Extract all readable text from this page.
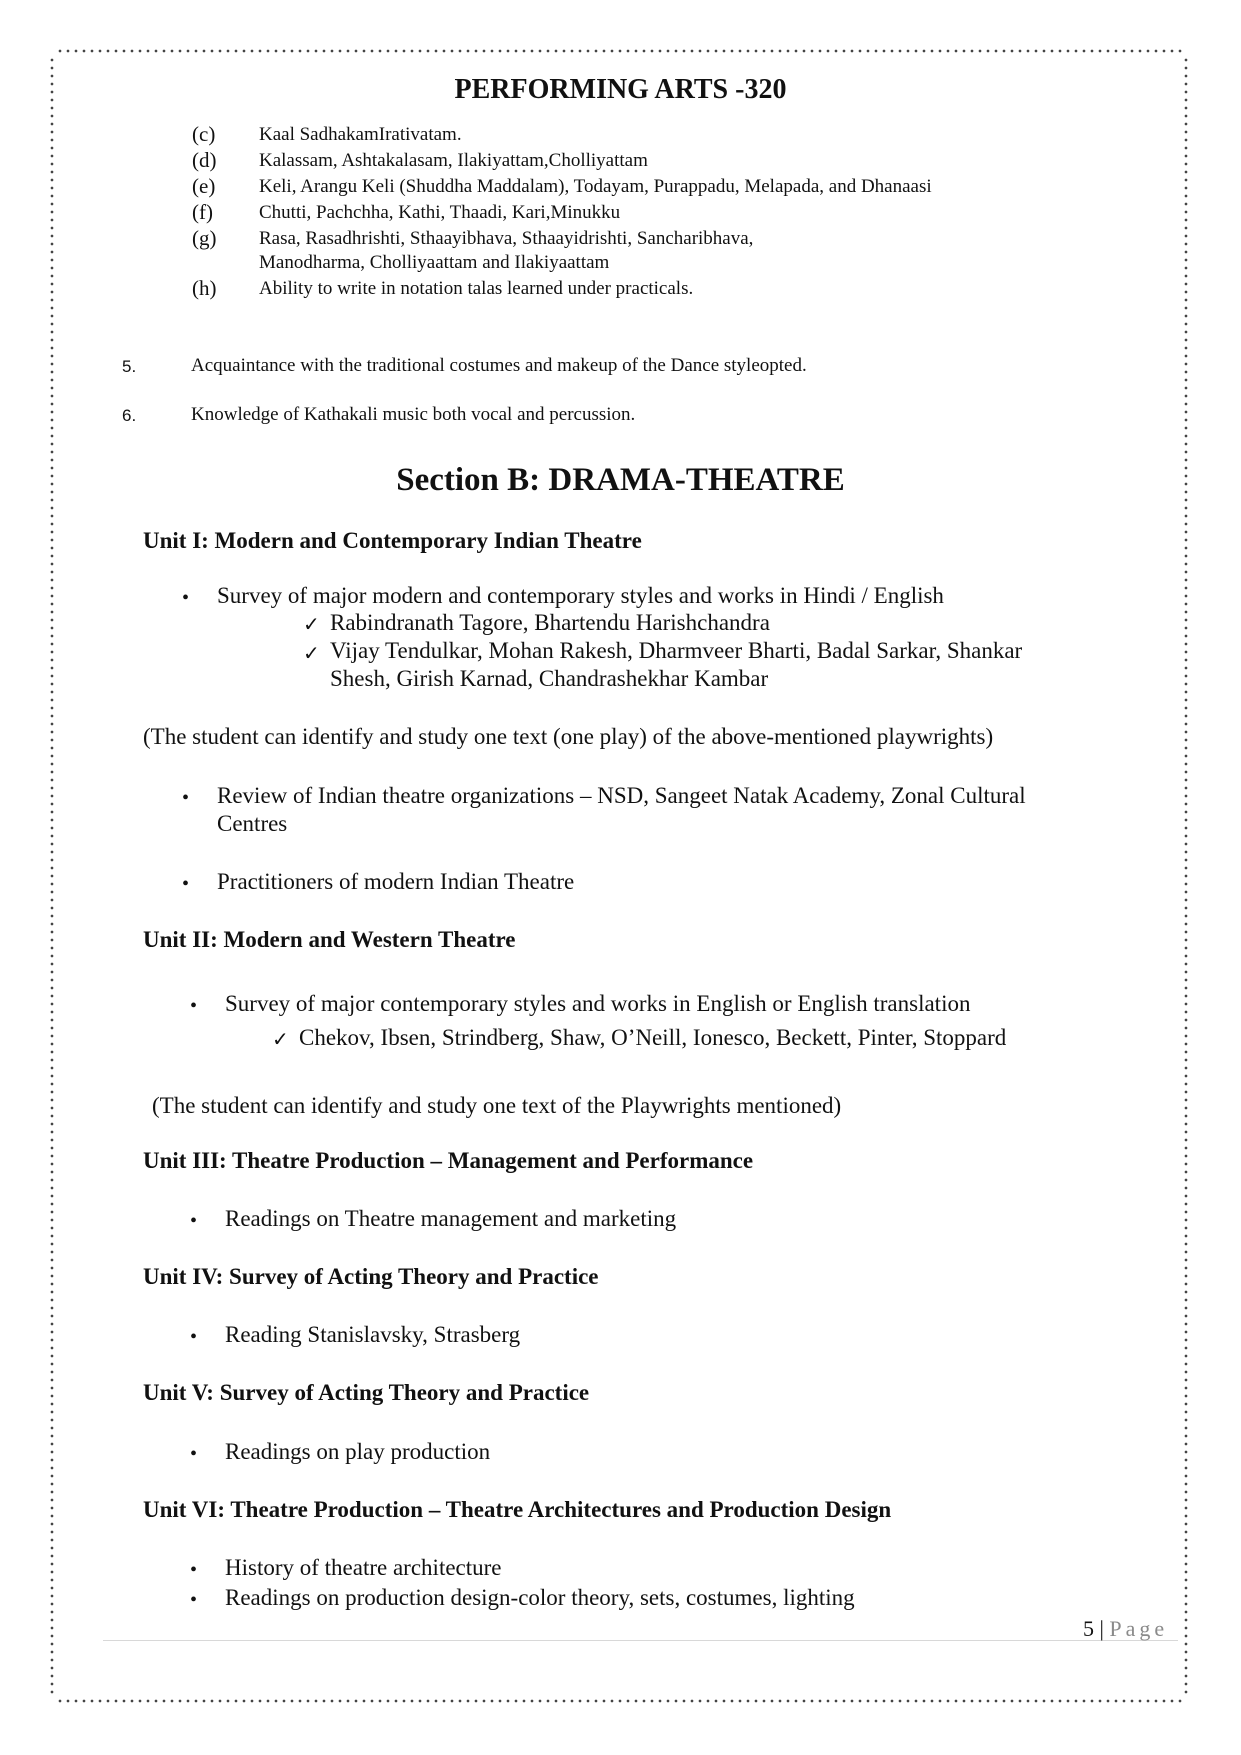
PERFORMING ARTS -320
(c) Kaal SadhakamIrativatam.
(d) Kalassam, Ashtakalasam, Ilakiyattam,Cholliyattam
(e) Keli, Arangu Keli (Shuddha Maddalam), Todayam, Purappadu, Melapada, and Dhanaasi
(f) Chutti, Pachchha, Kathi, Thaadi, Kari,Minukku
(g) Rasa, Rasadhrishti, Sthaayibhava, Sthaayidrishti, Sancharibhava,
Manodharma, Cholliyaattam and Ilakiyaattam
(h) Ability to write in notation talas learned under practicals.
5.	Acquaintance with the traditional costumes and makeup of the Dance styleopted.
6.	Knowledge of Kathakali music both vocal and percussion.
Section B: DRAMA-THEATRE
Unit I: Modern and Contemporary Indian Theatre
• Survey of major modern and contemporary styles and works in Hindi / English
✓ Rabindranath Tagore, Bhartendu Harishchandra
✓ Vijay Tendulkar, Mohan Rakesh, Dharmveer Bharti, Badal Sarkar, Shankar
Shesh, Girish Karnad, Chandrashekhar Kambar
(The student can identify and study one text (one play) of the above-mentioned playwrights)
• Review of Indian theatre organizations – NSD, Sangeet Natak Academy, Zonal Cultural
Centres
• Practitioners of modern Indian Theatre
Unit II: Modern and Western Theatre
• Survey of major contemporary styles and works in English or English translation
✓ Chekov, Ibsen, Strindberg, Shaw, O’Neill, Ionesco, Beckett, Pinter, Stoppard
(The student can identify and study one text of the Playwrights mentioned)
Unit III: Theatre Production – Management and Performance
• Readings on Theatre management and marketing
Unit IV: Survey of Acting Theory and Practice
• Reading Stanislavsky, Strasberg
Unit V: Survey of Acting Theory and Practice
• Readings on play production
Unit VI: Theatre Production – Theatre Architectures and Production Design
• History of theatre architecture
• Readings on production design-color theory, sets, costumes, lighting
5 | Page
